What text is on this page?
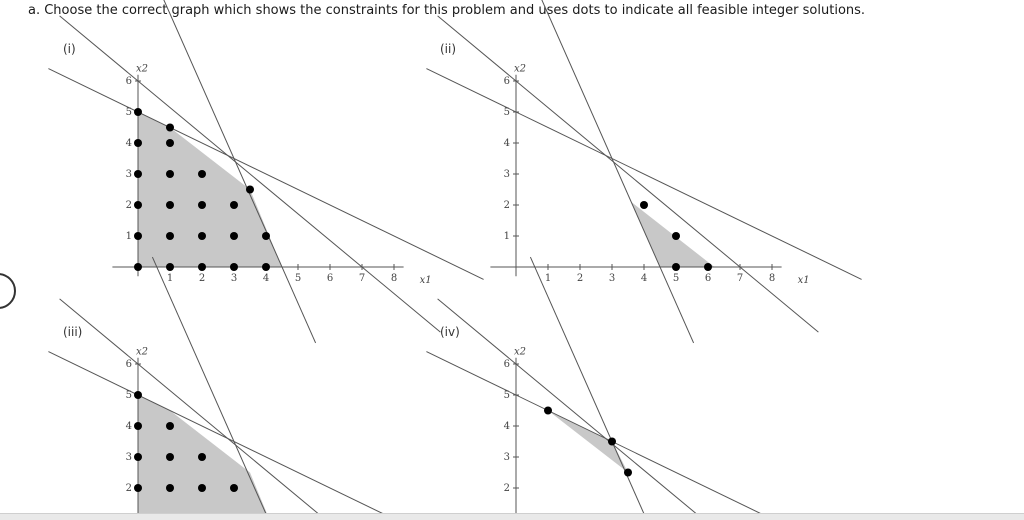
a. Choose the correct graph which shows the constraints for this problem and uses dots to indicate all feasible integer solutions.

(i)	(ii)
(iii)	(iv)
1	2	3	4	5	6	7	8
1
2
3
4
5
6
x1
x2
1	2	3	4	5	6	7	8
1
2
3
4
5
6
x1
x2
2
3
4
5
6
x2
2
3
4
5
6
x2
